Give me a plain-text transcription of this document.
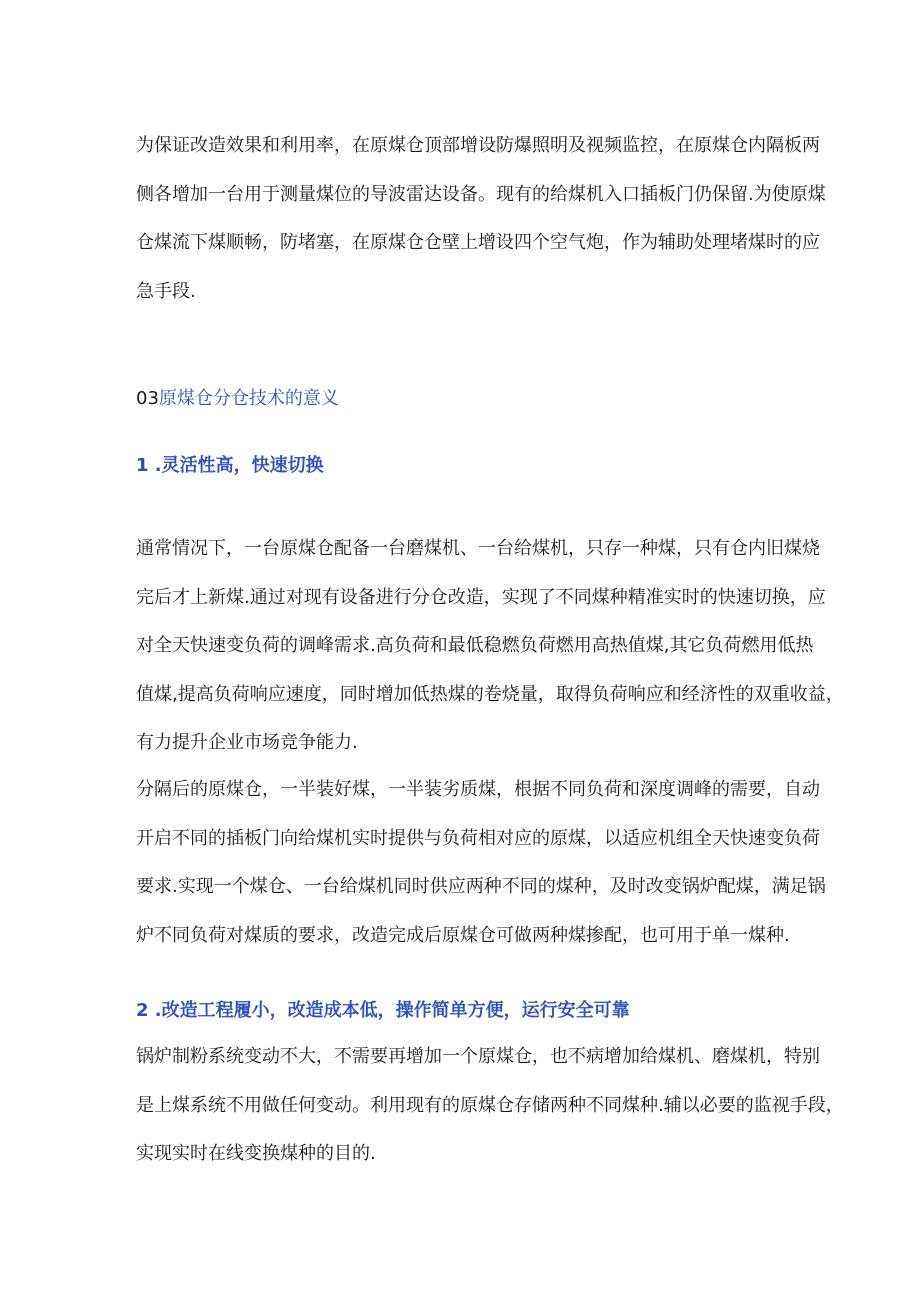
为保证改造效果和利用率，在原煤仓顶部增设防爆照明及视频监控，在原煤仓内隔板两
侧各增加一台用于测量煤位的导波雷达设备。现有的给煤机入口插板门仍保留.为使原煤
仓煤流下煤顺畅，防堵塞，在原煤仓仓壁上增设四个空气炮，作为辅助处理堵煤时的应
急手段.
03原煤仓分仓技术的意义
1 .灵活性高，快速切换
通常情况下，一台原煤仓配备一台磨煤机、一台给煤机，只存一种煤，只有仓内旧煤烧
完后才上新煤.通过对现有设备进行分仓改造，实现了不同煤种精准实时的快速切换，应
对全天快速变负荷的调峰需求.高负荷和最低稳燃负荷燃用高热值煤,其它负荷燃用低热
值煤,提高负荷响应速度，同时增加低热煤的卷烧量，取得负荷响应和经济性的双重收益，
有力提升企业市场竞争能力.
分隔后的原煤仓，一半装好煤，一半装劣质煤，根据不同负荷和深度调峰的需要，自动
开启不同的插板门向给煤机实时提供与负荷相对应的原煤，以适应机组全天快速变负荷
要求.实现一个煤仓、一台给煤机同时供应两种不同的煤种，及时改变锅炉配煤，满足锅
炉不同负荷对煤质的要求，改造完成后原煤仓可做两种煤掺配，也可用于单一煤种.
2 .改造工程履小，改造成本低，操作简单方便，运行安全可靠
锅炉制粉系统变动不大，不需要再增加一个原煤仓，也不病增加给煤机、磨煤机，特别
是上煤系统不用做任何变动。利用现有的原煤仓存储两种不同煤种.辅以必要的监视手段，
实现实时在线变换煤种的目的.
